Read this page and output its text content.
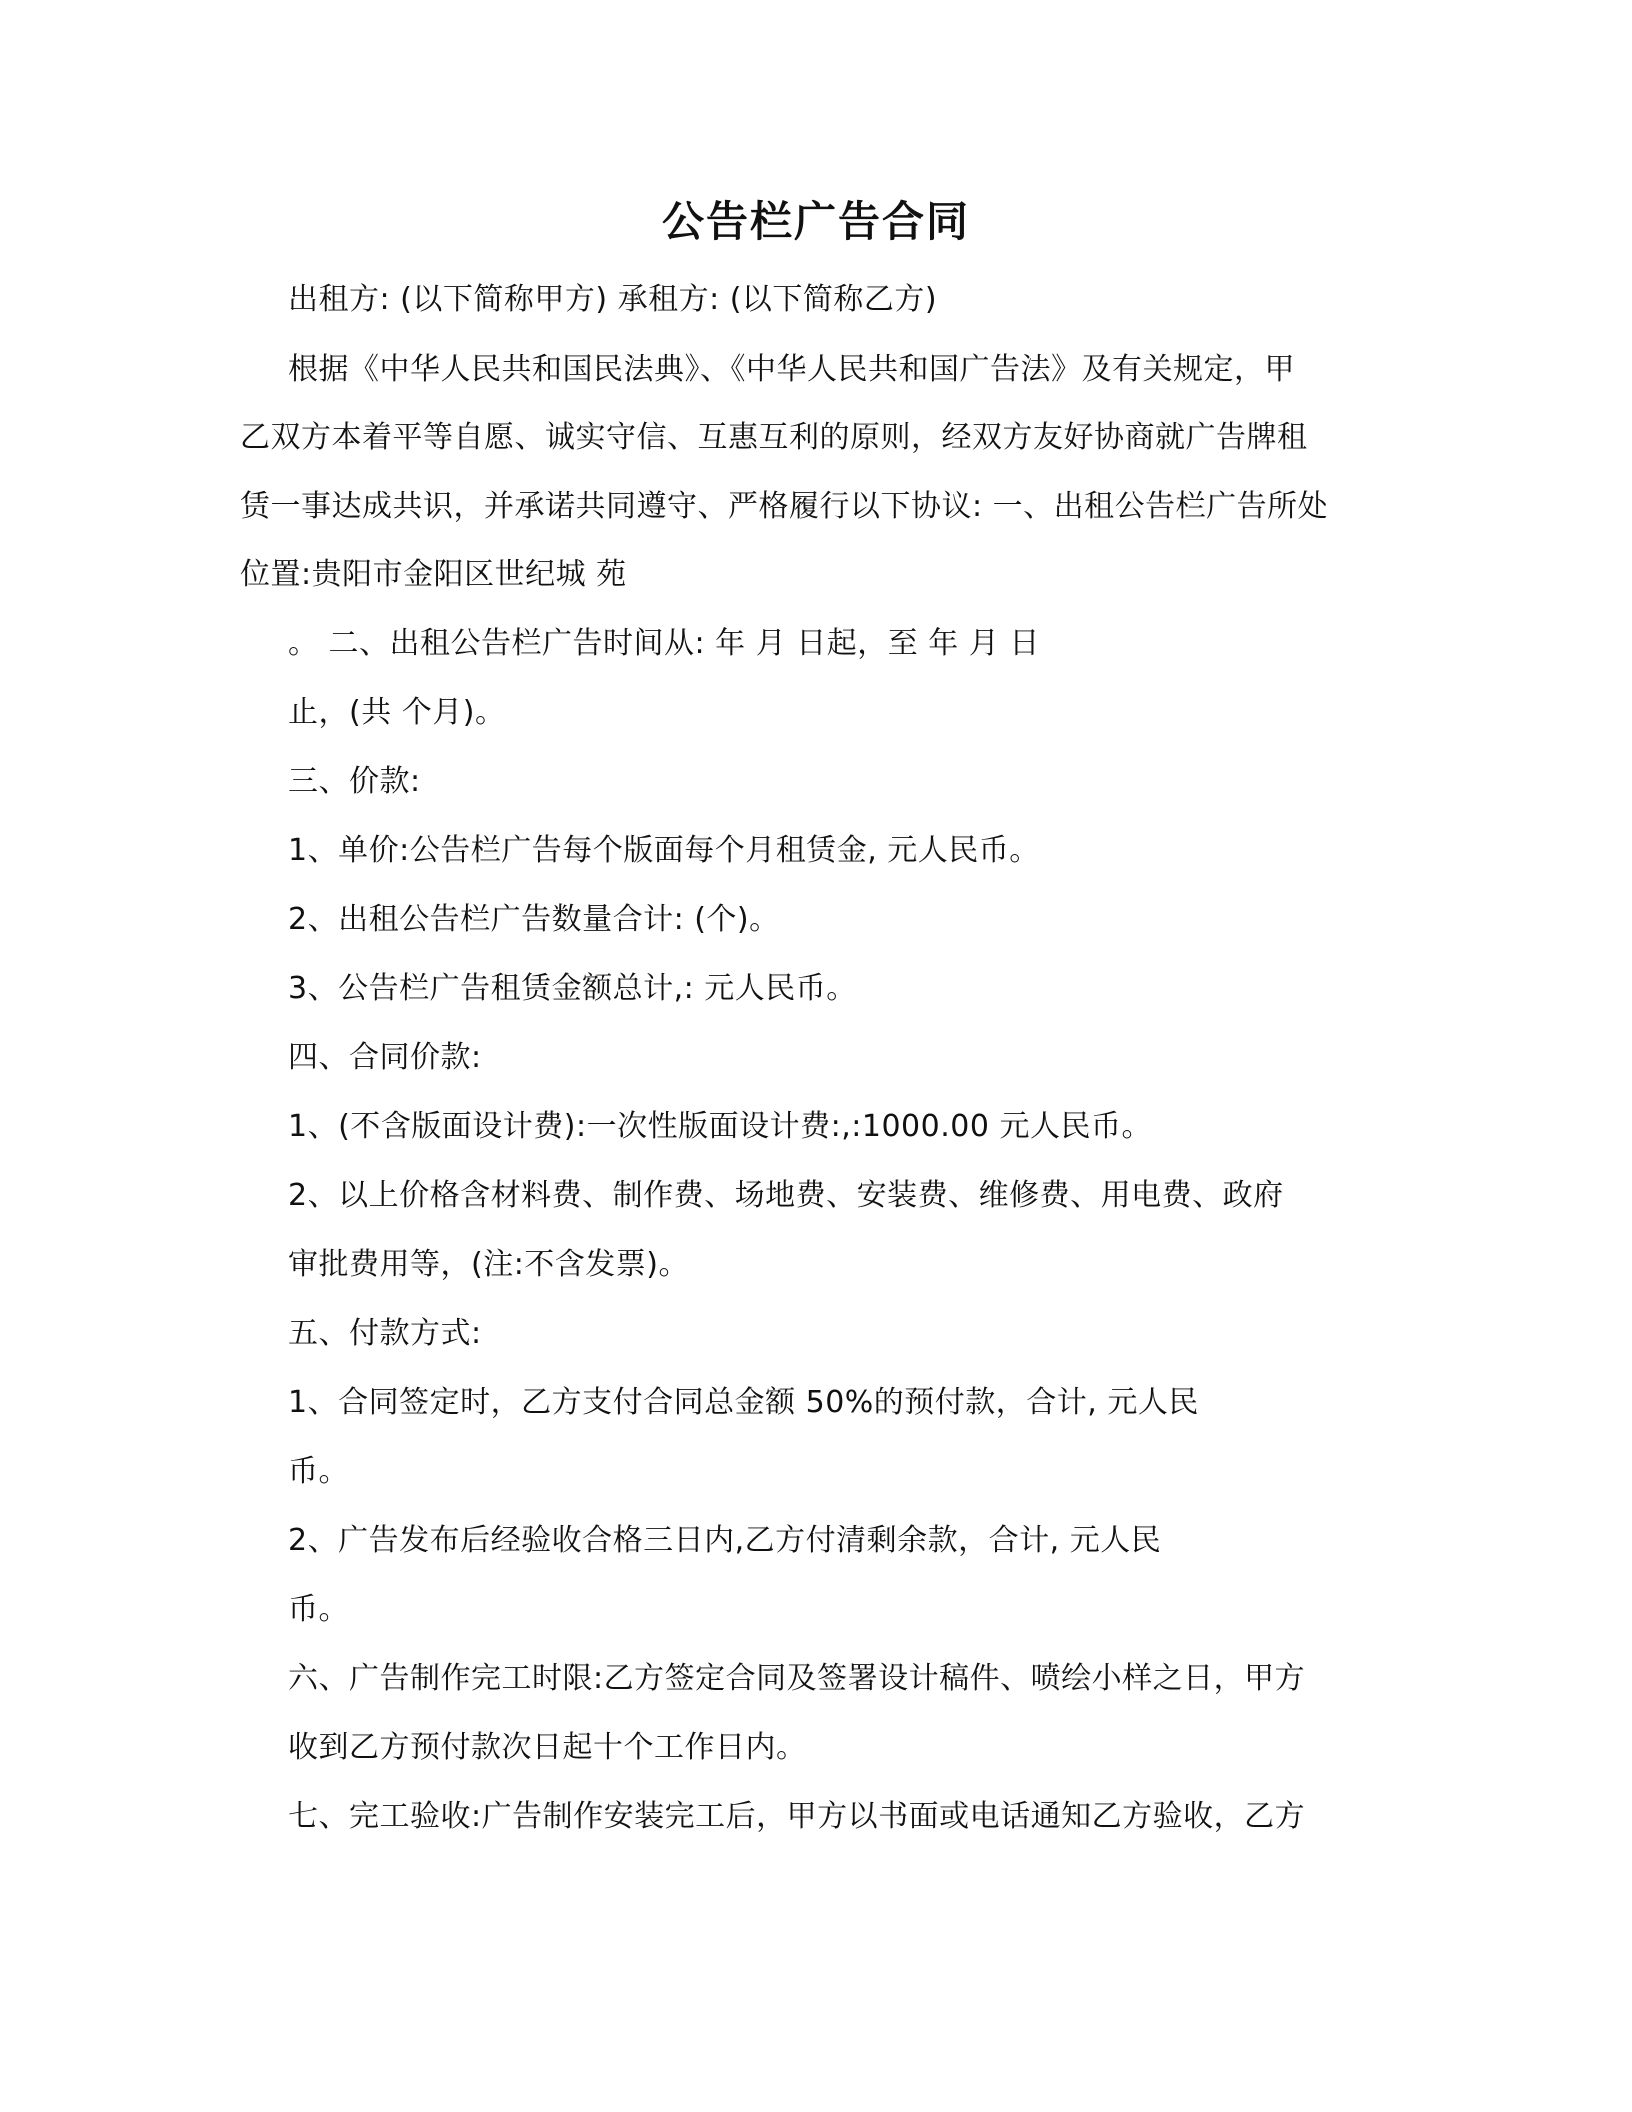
公告栏广告合同
出租方: (以下简称甲方) 承租方: (以下简称乙方)
根据《中华人民共和国民法典》、《中华人民共和国广告法》及有关规定，甲
乙双方本着平等自愿、诚实守信、互惠互利的原则，经双方友好协商就广告牌租
赁一事达成共识，并承诺共同遵守、严格履行以下协议: 一、出租公告栏广告所处
位置:贵阳市金阳区世纪城 苑
。 二、出租公告栏广告时间从: 年 月 日起，至 年 月 日
止，(共 个月)。
三、价款:
1、单价:公告栏广告每个版面每个月租赁金, 元人民币。
2、出租公告栏广告数量合计: (个)。
3、公告栏广告租赁金额总计,: 元人民币。
四、合同价款:
1、(不含版面设计费):一次性版面设计费:,:1000.00 元人民币。
2、以上价格含材料费、制作费、场地费、安装费、维修费、用电费、政府
审批费用等，(注:不含发票)。
五、付款方式:
1、合同签定时，乙方支付合同总金额 50%的预付款，合计, 元人民
币。
2、广告发布后经验收合格三日内,乙方付清剩余款，合计, 元人民
币。
六、广告制作完工时限:乙方签定合同及签署设计稿件、喷绘小样之日，甲方
收到乙方预付款次日起十个工作日内。
七、完工验收:广告制作安装完工后，甲方以书面或电话通知乙方验收，乙方
